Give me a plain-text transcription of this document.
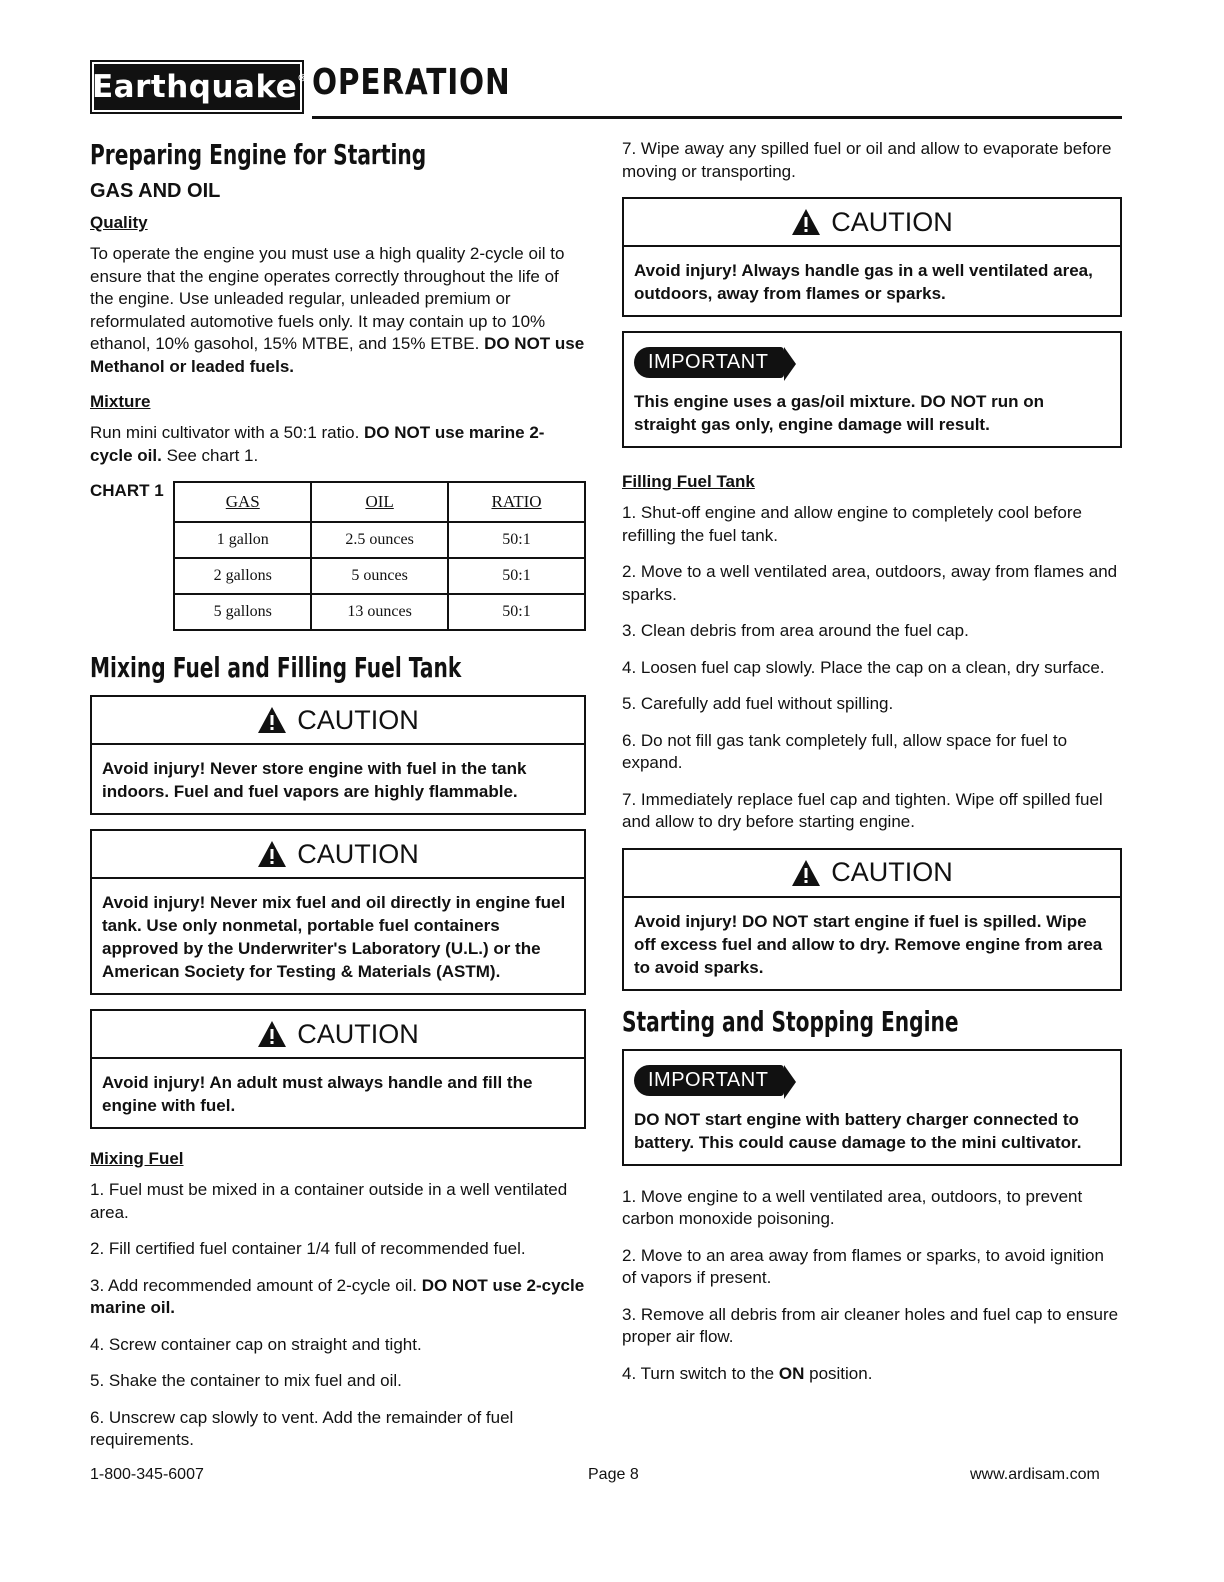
Earthquake® OPERATION
Preparing Engine for Starting
GAS AND OIL
Quality

To operate the engine you must use a high quality 2-cycle oil to ensure that the engine operates correctly throughout the life of the engine. Use unleaded regular, unleaded premium or reformulated automotive fuels only. It may contain up to 10% ethanol, 10% gasohol, 15% MTBE, and 15% ETBE. DO NOT use Methanol or leaded fuels.

Mixture

Run mini cultivator with a 50:1 ratio. DO NOT use marine 2-cycle oil. See chart 1.

CHART 1
GAS	OIL	RATIO
1 gallon	2.5 ounces	50:1
2 gallons	5 ounces	50:1
5 gallons	13 ounces	50:1
Mixing Fuel and Filling Fuel Tank
CAUTION
Avoid injury! Never store engine with fuel in the tank indoors. Fuel and fuel vapors are highly flammable.
CAUTION
Avoid injury! Never mix fuel and oil directly in engine fuel tank. Use only nonmetal, portable fuel containers approved by the Underwriter's Laboratory (U.L.) or the American Society for Testing & Materials (ASTM).
CAUTION
Avoid injury! An adult must always handle and fill the engine with fuel.
Mixing Fuel
1. Fuel must be mixed in a container outside in a well ventilated area.
2. Fill certified fuel container 1/4 full of recommended fuel.
3. Add recommended amount of 2-cycle oil. DO NOT use 2-cycle marine oil.
4. Screw container cap on straight and tight.
5. Shake the container to mix fuel and oil.
6. Unscrew cap slowly to vent. Add the remainder of fuel requirements.
7. Wipe away any spilled fuel or oil and allow to evaporate before moving or transporting.
CAUTION
Avoid injury! Always handle gas in a well ventilated area, outdoors, away from flames or sparks.
IMPORTANT
This engine uses a gas/oil mixture. DO NOT run on straight gas only, engine damage will result.
Filling Fuel Tank
1. Shut-off engine and allow engine to completely cool before refilling the fuel tank.
2. Move to a well ventilated area, outdoors, away from flames and sparks.
3. Clean debris from area around the fuel cap.
4. Loosen fuel cap slowly. Place the cap on a clean, dry surface.
5. Carefully add fuel without spilling.
6. Do not fill gas tank completely full, allow space for fuel to expand.
7. Immediately replace fuel cap and tighten. Wipe off spilled fuel and allow to dry before starting engine.
CAUTION
Avoid injury! DO NOT start engine if fuel is spilled. Wipe off excess fuel and allow to dry. Remove engine from area to avoid sparks.
Starting and Stopping Engine
IMPORTANT
DO NOT start engine with battery charger connected to battery. This could cause damage to the mini cultivator.
1. Move engine to a well ventilated area, outdoors, to prevent carbon monoxide poisoning.
2. Move to an area away from flames or sparks, to avoid ignition of vapors if present.
3. Remove all debris from air cleaner holes and fuel cap to ensure proper air flow.
4. Turn switch to the ON position.
1-800-345-6007	Page 8	www.ardisam.com
